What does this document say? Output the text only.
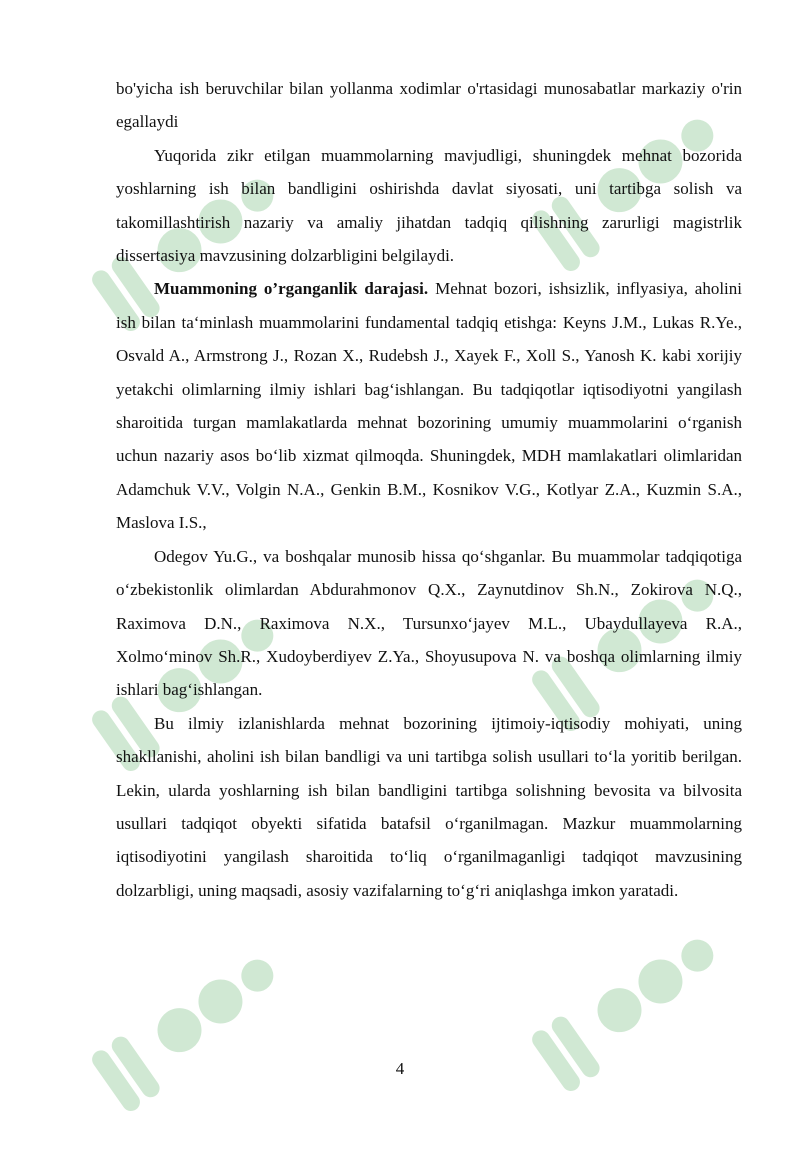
bo'yicha ish beruvchilar bilan yollanma xodimlar o'rtasidagi munosabatlar markaziy o'rin egallaydi

Yuqorida zikr etilgan muammolarning mavjudligi, shuningdek mehnat bozorida yoshlarning ish bilan bandligini oshirishda davlat siyosati, uni tartibga solish va takomillashtirish nazariy va amaliy jihatdan tadqiq qilishning zarurligi magistrlik dissertasiya mavzusining dolzarbligini belgilaydi.

Muammoning o’rganganlik darajasi. Mehnat bozori, ishsizlik, inflyasiya, aholini ish bilan ta‘minlash muammolarini fundamental tadqiq etishga: Keyns J.M., Lukas R.Ye., Osvald A., Armstrong J., Rozan X., Rudebsh J., Xayek F., Xoll S., Yanosh K. kabi xorijiy yetakchi olimlarning ilmiy ishlari bag‘ishlangan. Bu tadqiqotlar iqtisodiyotni yangilash sharoitida turgan mamlakatlarda mehnat bozorining umumiy muammolarini o‘rganish uchun nazariy asos bo‘lib xizmat qilmoqda. Shuningdek, MDH mamlakatlari olimlaridan Adamchuk V.V., Volgin N.A., Genkin B.M., Kosnikov V.G., Kotlyar Z.A., Kuzmin S.A., Maslova I.S.,

Odegov Yu.G., va boshqalar munosib hissa qo‘shganlar. Bu muammolar tadqiqotiga o‘zbekistonlik olimlardan Abdurahmonov Q.X., Zaynutdinov Sh.N., Zokirova N.Q., Raximova D.N., Raximova N.X., Tursunxo‘jayev M.L., Ubaydullayeva R.A., Xolmo‘minov Sh.R., Xudoyberdiyev Z.Ya., Shoyusupova N. va boshqa olimlarning ilmiy ishlari bag‘ishlangan.

Bu ilmiy izlanishlarda mehnat bozorining ijtimoiy-iqtisodiy mohiyati, uning shakllanishi, aholini ish bilan bandligi va uni tartibga solish usullari to‘la yoritib berilgan. Lekin, ularda yoshlarning ish bilan bandligini tartibga solishning bevosita va bilvosita usullari tadqiqot obyekti sifatida batafsil o‘rganilmagan. Mazkur muammolarning iqtisodiyotini yangilash sharoitida to‘liq o‘rganilmaganligi tadqiqot mavzusining dolzarbligi, uning maqsadi, asosiy vazifalarning to‘g‘ri aniqlashga imkon yaratadi.

4
